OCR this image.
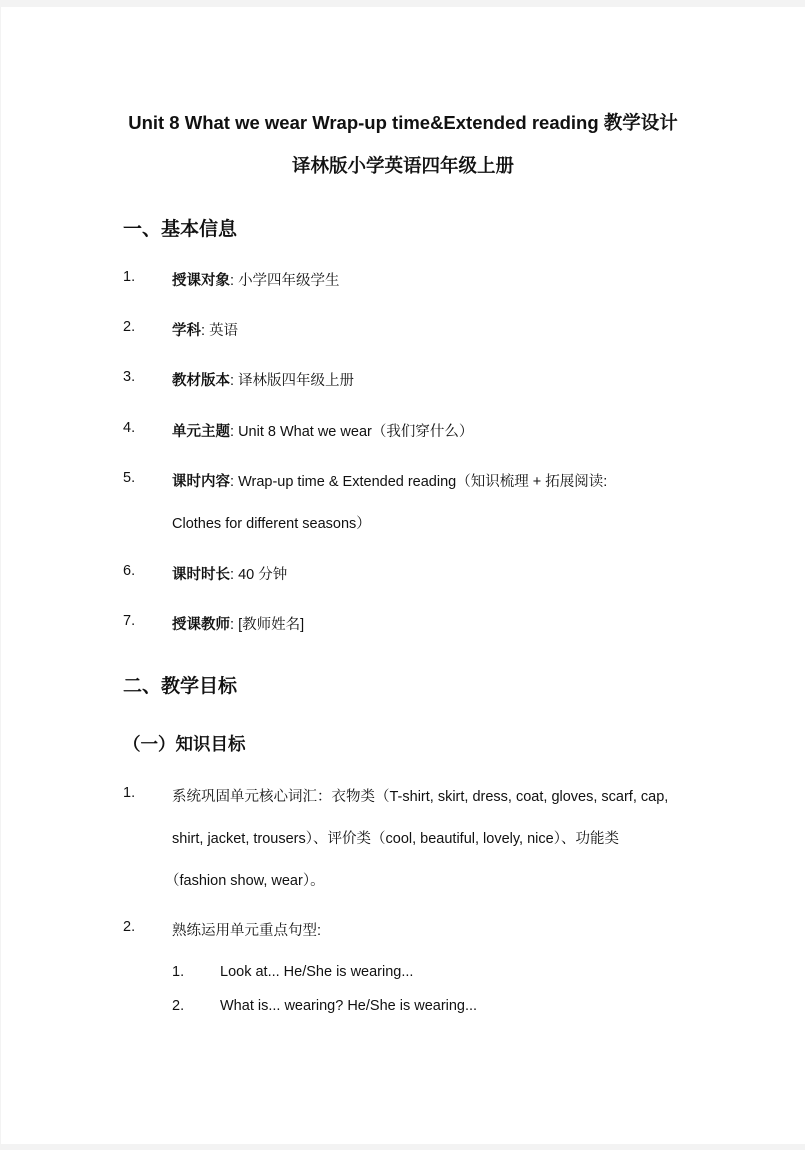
Unit 8 What we wear Wrap-up time&Extended reading 教学设计
译林版小学英语四年级上册
一、基本信息
1.	授课对象: 小学四年级学生
2.	学科: 英语
3.	教材版本: 译林版四年级上册
4.	单元主题: Unit 8 What we wear（我们穿什么）
5.	课时内容: Wrap-up time & Extended reading（知识梳理 + 拓展阅读:
Clothes for different seasons）
6.	课时时长: 40 分钟
7.	授课教师: [教师姓名]
二、教学目标
（一）知识目标
1.	系统巩固单元核心词汇：衣物类（T-shirt, skirt, dress, coat, gloves, scarf, cap,
shirt, jacket, trousers）、评价类（cool, beautiful, lovely, nice）、功能类
（fashion show, wear）。
2.	熟练运用单元重点句型:
1. Look at... He/She is wearing...
2. What is... wearing? He/She is wearing...
